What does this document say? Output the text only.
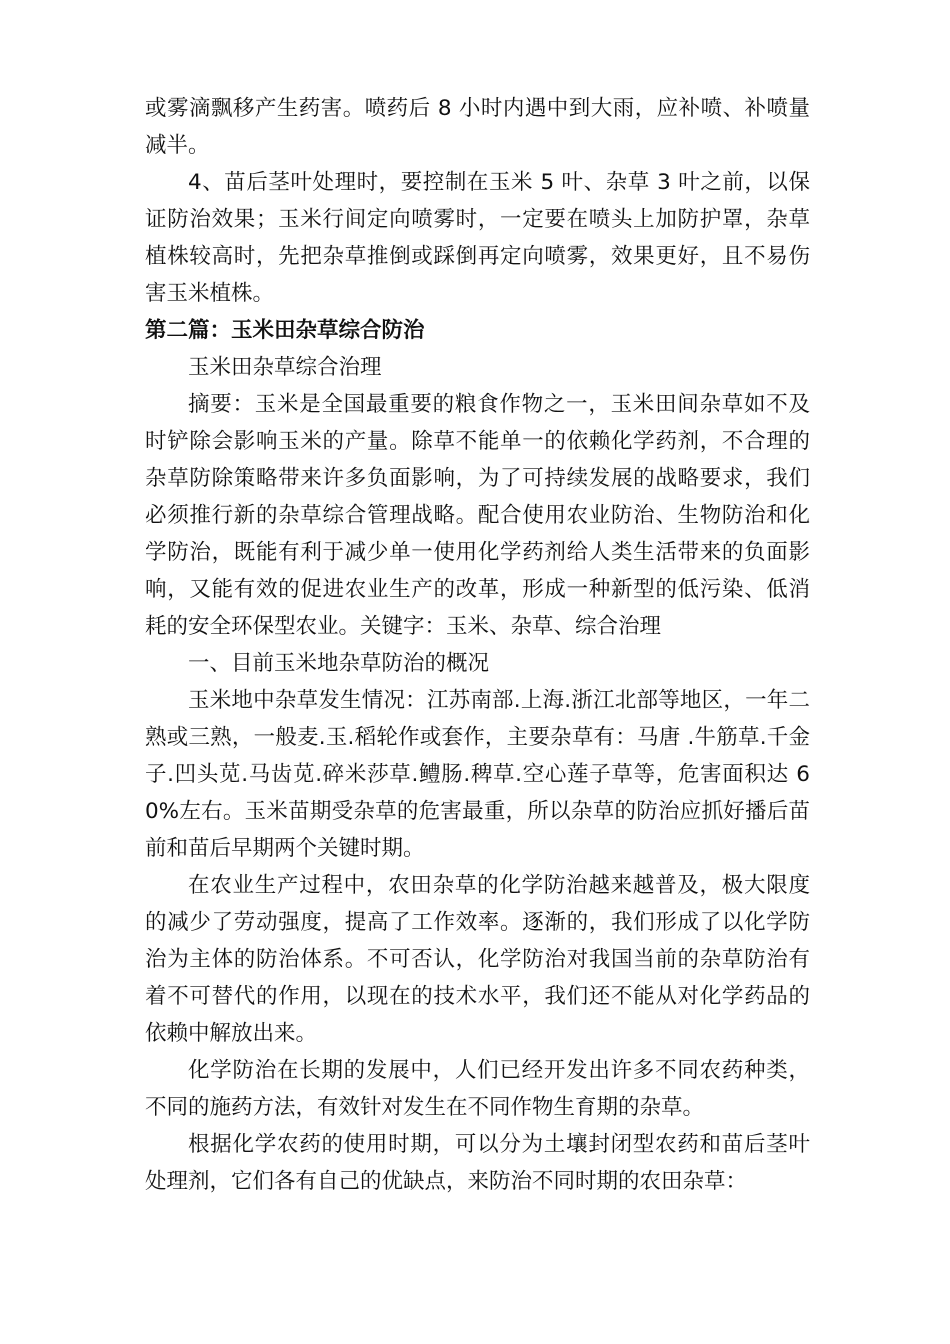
或雾滴飘移产生药害。喷药后 8 小时内遇中到大雨，应补喷、补喷量减半。

4、苗后茎叶处理时，要控制在玉米 5 叶、杂草 3 叶之前，以保证防治效果；玉米行间定向喷雾时，一定要在喷头上加防护罩，杂草植株较高时，先把杂草推倒或踩倒再定向喷雾，效果更好，且不易伤害玉米植株。

第二篇：玉米田杂草综合防治

玉米田杂草综合治理

摘要：玉米是全国最重要的粮食作物之一，玉米田间杂草如不及时铲除会影响玉米的产量。除草不能单一的依赖化学药剂，不合理的杂草防除策略带来许多负面影响，为了可持续发展的战略要求，我们必须推行新的杂草综合管理战略。配合使用农业防治、生物防治和化学防治，既能有利于减少单一使用化学药剂给人类生活带来的负面影响，又能有效的促进农业生产的改革，形成一种新型的低污染、低消耗的安全环保型农业。关键字：玉米、杂草、综合治理

一、目前玉米地杂草防治的概况

玉米地中杂草发生情况：江苏南部.上海.浙江北部等地区，一年二熟或三熟，一般麦.玉.稻轮作或套作，主要杂草有：马唐 .牛筋草.千金子.凹头苋.马齿苋.碎米莎草.鳢肠.稗草.空心莲子草等，危害面积达 60%左右。玉米苗期受杂草的危害最重，所以杂草的防治应抓好播后苗前和苗后早期两个关键时期。

在农业生产过程中，农田杂草的化学防治越来越普及，极大限度的减少了劳动强度，提高了工作效率。逐渐的，我们形成了以化学防治为主体的防治体系。不可否认，化学防治对我国当前的杂草防治有着不可替代的作用，以现在的技术水平，我们还不能从对化学药品的依赖中解放出来。

化学防治在长期的发展中，人们已经开发出许多不同农药种类，不同的施药方法，有效针对发生在不同作物生育期的杂草。

根据化学农药的使用时期，可以分为土壤封闭型农药和苗后茎叶处理剂，它们各有自己的优缺点，来防治不同时期的农田杂草：
